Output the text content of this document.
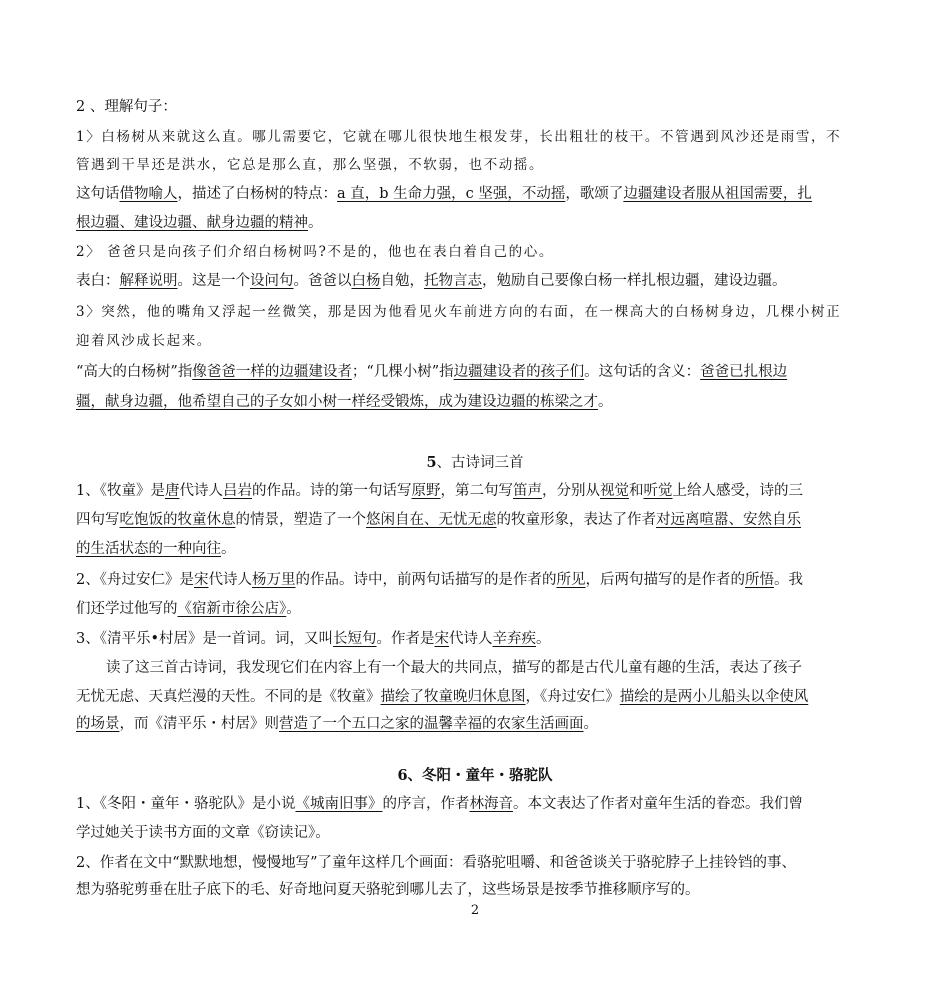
2 、理解句子：
1〉白杨树从来就这么直。哪儿需要它，它就在哪儿很快地生根发芽，长出粗壮的枝干。不管遇到风沙还是雨雪，不
管遇到干旱还是洪水，它总是那么直，那么坚强，不软弱，也不动摇。
这句话借物喻人，描述了白杨树的特点：a 直，b 生命力强，c 坚强，不动摇，歌颂了边疆建设者服从祖国需要，扎
根边疆、建设边疆、献身边疆的精神。
2〉 爸爸只是向孩子们介绍白杨树吗?不是的，他也在表白着自己的心。
表白：解释说明。这是一个设问句。爸爸以白杨自勉，托物言志，勉励自己要像白杨一样扎根边疆，建设边疆。
3〉突然，他的嘴角又浮起一丝微笑，那是因为他看见火车前进方向的右面，在一棵高大的白杨树身边，几棵小树正
迎着风沙成长起来。
“高大的白杨树”指像爸爸一样的边疆建设者；“几棵小树”指边疆建设者的孩子们。这句话的含义：爸爸已扎根边
疆，献身边疆，他希望自己的子女如小树一样经受锻炼，成为建设边疆的栋梁之才。
5、古诗词三首
1、《牧童》是唐代诗人吕岩的作品。诗的第一句话写原野，第二句写笛声，分别从视觉和听觉上给人感受，诗的三
四句写吃饱饭的牧童休息的情景，塑造了一个悠闲自在、无忧无虑的牧童形象，表达了作者对远离喧嚣、安然自乐
的生活状态的一种向往。
2、《舟过安仁》是宋代诗人杨万里的作品。诗中，前两句话描写的是作者的所见，后两句描写的是作者的所悟。我
们还学过他写的《宿新市徐公店》。
3、《清平乐•村居》是一首词。词，又叫长短句。作者是宋代诗人辛弃疾。
读了这三首古诗词，我发现它们在内容上有一个最大的共同点，描写的都是古代儿童有趣的生活，表达了孩子
无忧无虑、天真烂漫的天性。不同的是《牧童》描绘了牧童晚归休息图，《舟过安仁》描绘的是两小儿船头以伞使风
的场景，而《清平乐・村居》则营造了一个五口之家的温馨幸福的农家生活画面。
6、冬阳・童年・骆驼队
1、《冬阳・童年・骆驼队》是小说《城南旧事》的序言，作者林海音。本文表达了作者对童年生活的眷恋。我们曾
学过她关于读书方面的文章《窃读记》。
2、作者在文中“默默地想，慢慢地写”了童年这样几个画面：看骆驼咀嚼、和爸爸谈关于骆驼脖子上挂铃铛的事、
想为骆驼剪垂在肚子底下的毛、好奇地问夏天骆驼到哪儿去了，这些场景是按季节推移顺序写的。
2
